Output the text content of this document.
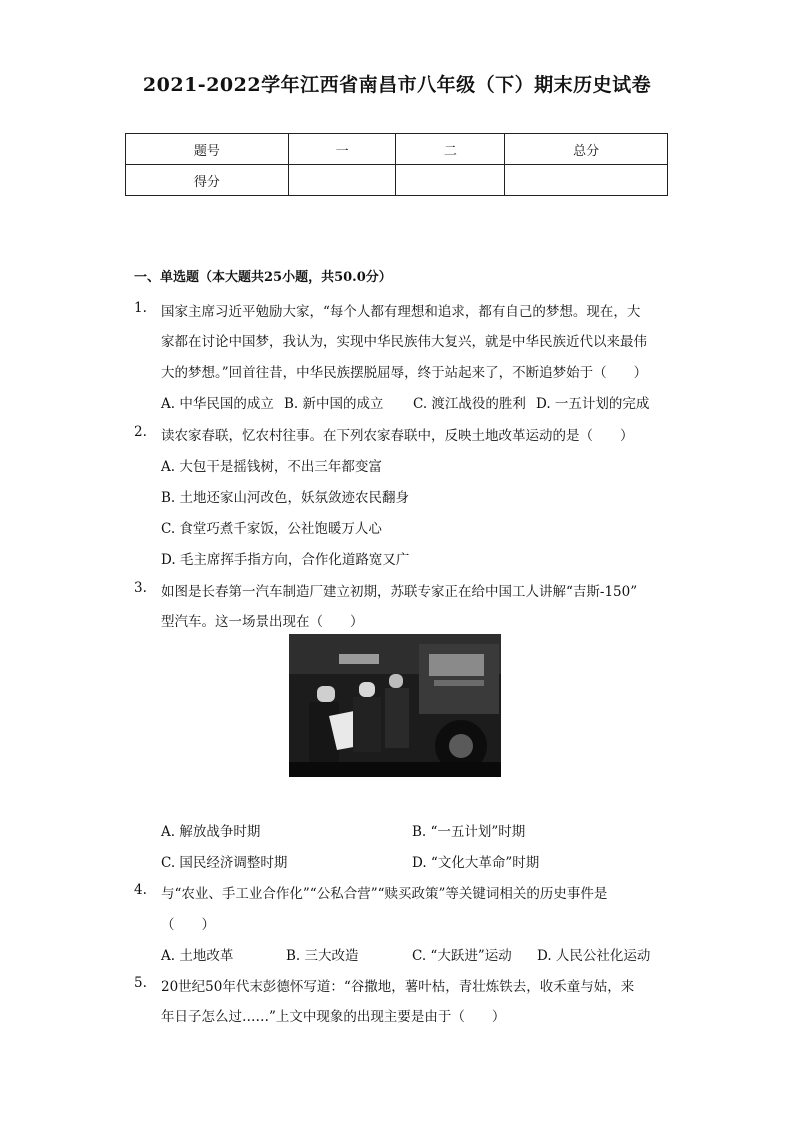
2021-2022学年江西省南昌市八年级（下）期末历史试卷
题号	一	二	总分
得分			
一、单选题（本大题共25小题，共50.0分）
1. 国家主席习近平勉励大家，“每个人都有理想和追求，都有自己的梦想。现在，大
家都在讨论中国梦，我认为，实现中华民族伟大复兴，就是中华民族近代以来最伟
大的梦想。”回首往昔，中华民族摆脱屈辱，终于站起来了，不断追梦始于（　　）
A. 中华民国的成立 B. 新中国的成立 C. 渡江战役的胜利 D. 一五计划的完成
2. 读农家春联，忆农村往事。在下列农家春联中，反映土地改革运动的是（　　）
A. 大包干是摇钱树，不出三年都变富
B. 土地还家山河改色，妖氛敛迹农民翻身
C. 食堂巧煮千家饭，公社饱暖万人心
D. 毛主席挥手指方向，合作化道路宽又广
3. 如图是长春第一汽车制造厂建立初期，苏联专家正在给中国工人讲解“吉斯-150”
型汽车。这一场景出现在（　　）
A. 解放战争时期	B. “一五计划”时期
C. 国民经济调整时期	D. “文化大革命”时期
4. 与“农业、手工业合作化”“公私合营”“赎买政策”等关键词相关的历史事件是
（　　）
A. 土地改革	B. 三大改造	C. “大跃进”运动 D. 人民公社化运动
5. 20世纪50年代末彭德怀写道：“谷撒地，薯叶枯，青壮炼铁去，收禾童与姑，来
年日子怎么过……”上文中现象的出现主要是由于（　　）
